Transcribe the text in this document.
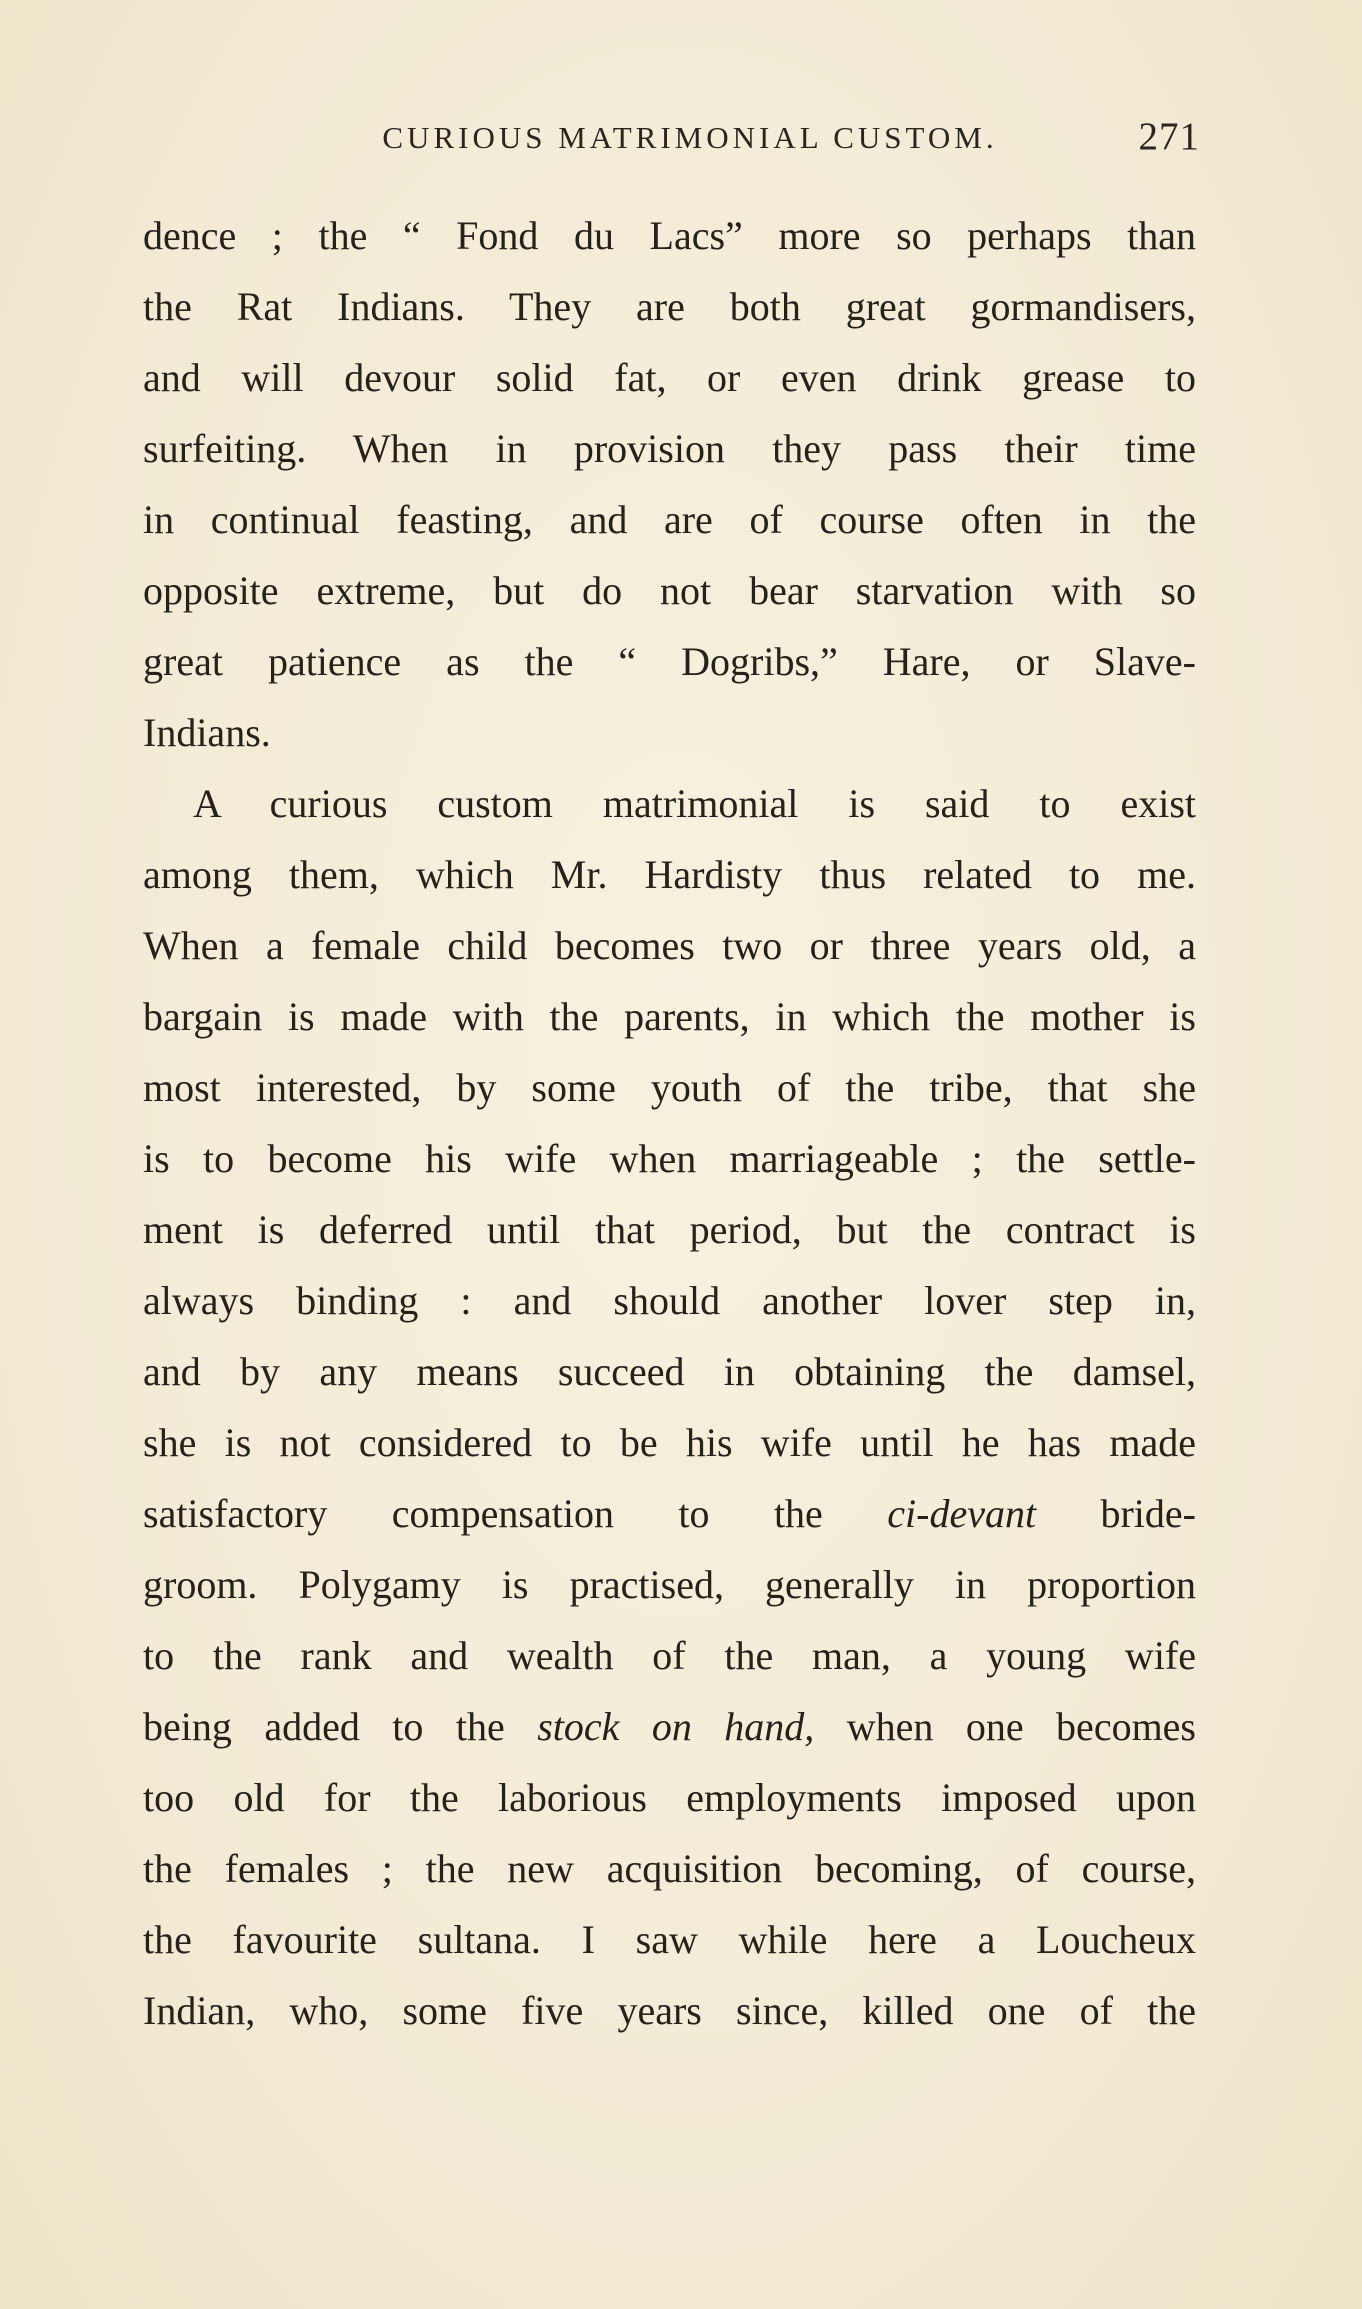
CURIOUS MATRIMONIAL CUSTOM.	271
dence ; the “ Fond du Lacs” more so perhaps than
the Rat Indians. They are both great gormandisers,
and will devour solid fat, or even drink grease to
surfeiting. When in provision they pass their time
in continual feasting, and are of course often in the
opposite extreme, but do not bear starvation with so
great patience as the “ Dogribs,” Hare, or Slave-
Indians.
A curious custom matrimonial is said to exist
among them, which Mr. Hardisty thus related to me.
When a female child becomes two or three years old, a
bargain is made with the parents, in which the mother is
most interested, by some youth of the tribe, that she
is to become his wife when marriageable ; the settle-
ment is deferred until that period, but the contract is
always binding : and should another lover step in,
and by any means succeed in obtaining the damsel,
she is not considered to be his wife until he has made
satisfactory compensation to the ci-devant bride-
groom. Polygamy is practised, generally in proportion
to the rank and wealth of the man, a young wife
being added to the stock on hand, when one becomes
too old for the laborious employments imposed upon
the females ; the new acquisition becoming, of course,
the favourite sultana. I saw while here a Loucheux
Indian, who, some five years since, killed one of the
